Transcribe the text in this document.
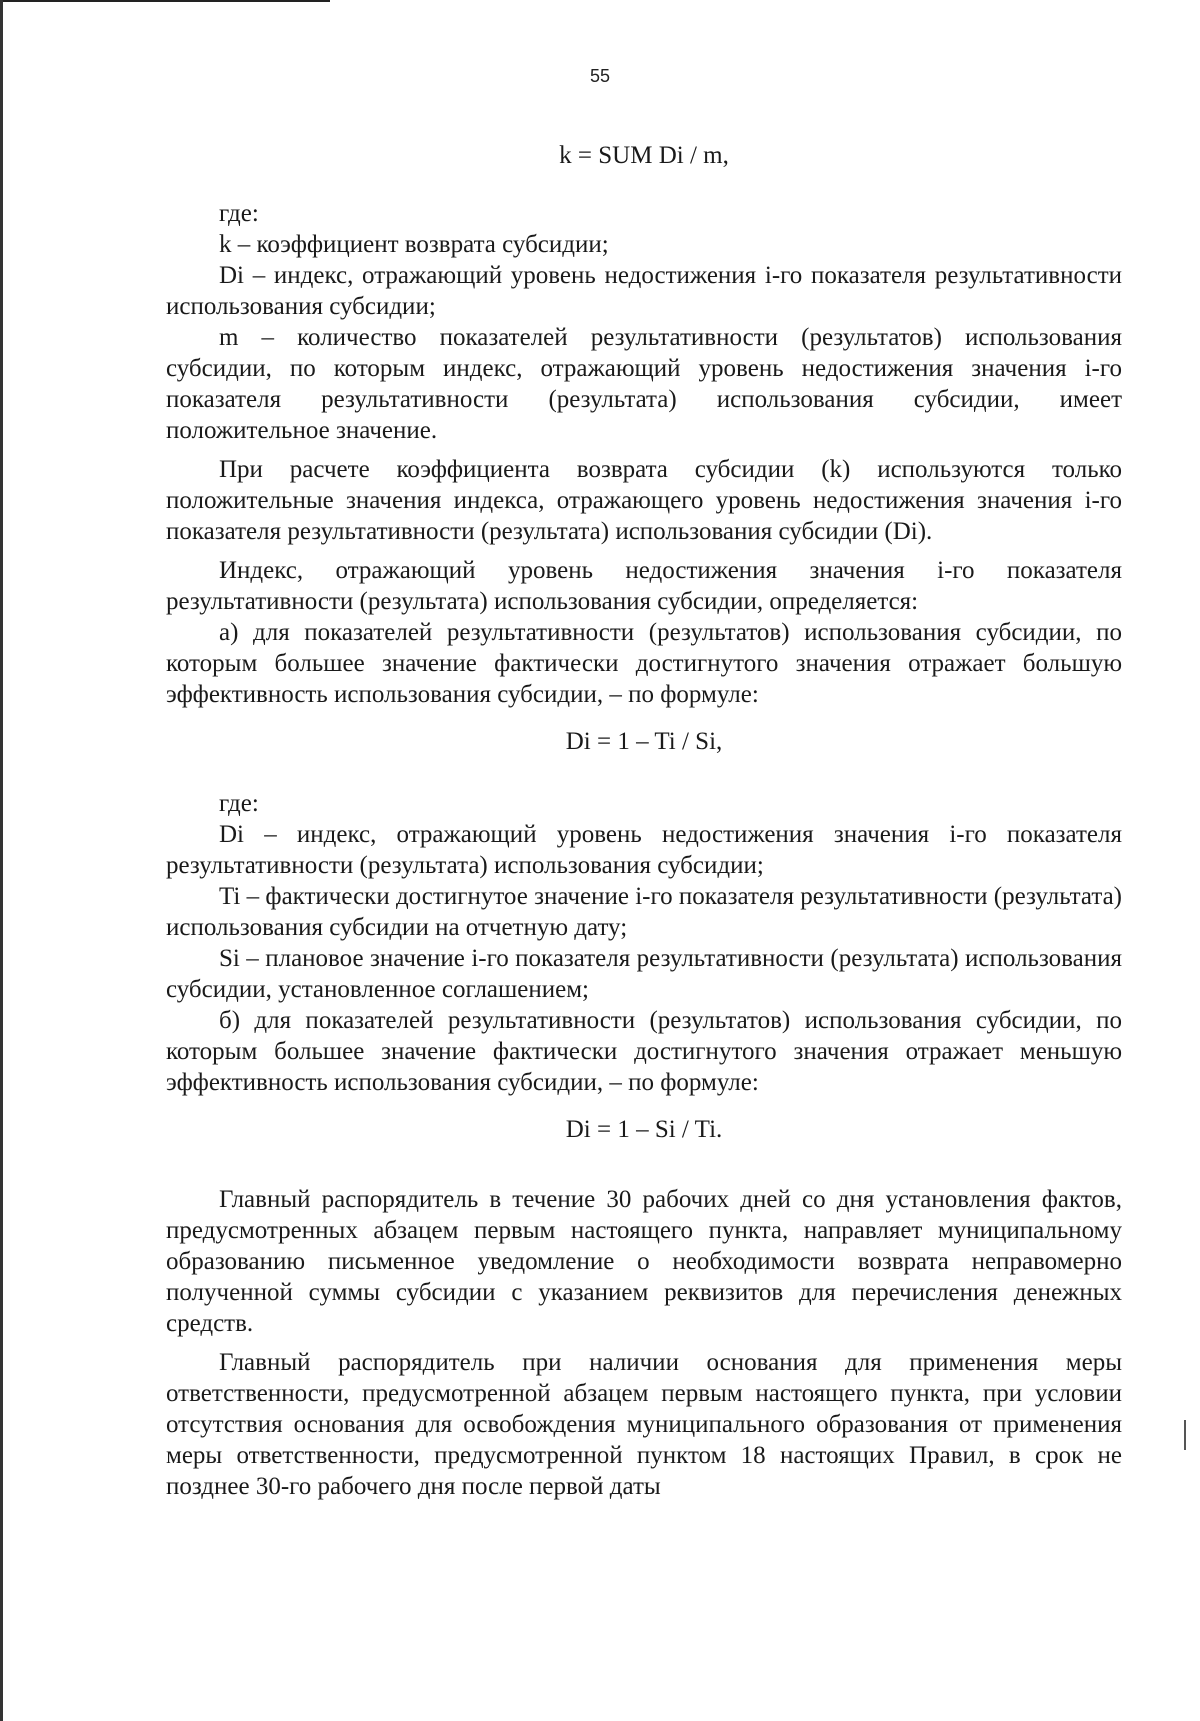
55

k = SUM Di / m,

где:

k – коэффициент возврата субсидии;

Di – индекс, отражающий уровень недостижения i-го показателя результативности использования субсидии;

m – количество показателей результативности (результатов) использования субсидии, по которым индекс, отражающий уровень недостижения значения i-го показателя результативности (результата) использования субсидии, имеет положительное значение.

При расчете коэффициента возврата субсидии (k) используются только положительные значения индекса, отражающего уровень недостижения значения i-го показателя результативности (результата) использования субсидии (Di).

Индекс, отражающий уровень недостижения значения i-го показателя результативности (результата) использования субсидии, определяется:

а) для показателей результативности (результатов) использования субсидии, по которым большее значение фактически достигнутого значения отражает большую эффективность использования субсидии, – по формуле:

Di = 1 – Ti / Si,

где:

Di – индекс, отражающий уровень недостижения значения i-го показателя результативности (результата) использования субсидии;

Ti – фактически достигнутое значение i-го показателя результативности (результата) использования субсидии на отчетную дату;

Si – плановое значение i-го показателя результативности (результата) использования субсидии, установленное соглашением;

б) для показателей результативности (результатов) использования субсидии, по которым большее значение фактически достигнутого значения отражает меньшую эффективность использования субсидии, – по формуле:

Di = 1 – Si / Ti.

Главный распорядитель в течение 30 рабочих дней со дня установления фактов, предусмотренных абзацем первым настоящего пункта, направляет муниципальному образованию письменное уведомление о необходимости возврата неправомерно полученной суммы субсидии с указанием реквизитов для перечисления денежных средств.

Главный распорядитель при наличии основания для применения меры ответственности, предусмотренной абзацем первым настоящего пункта, при условии отсутствия основания для освобождения муниципального образования от применения меры ответственности, предусмотренной пунктом 18 настоящих Правил, в срок не позднее 30-го рабочего дня после первой даты
